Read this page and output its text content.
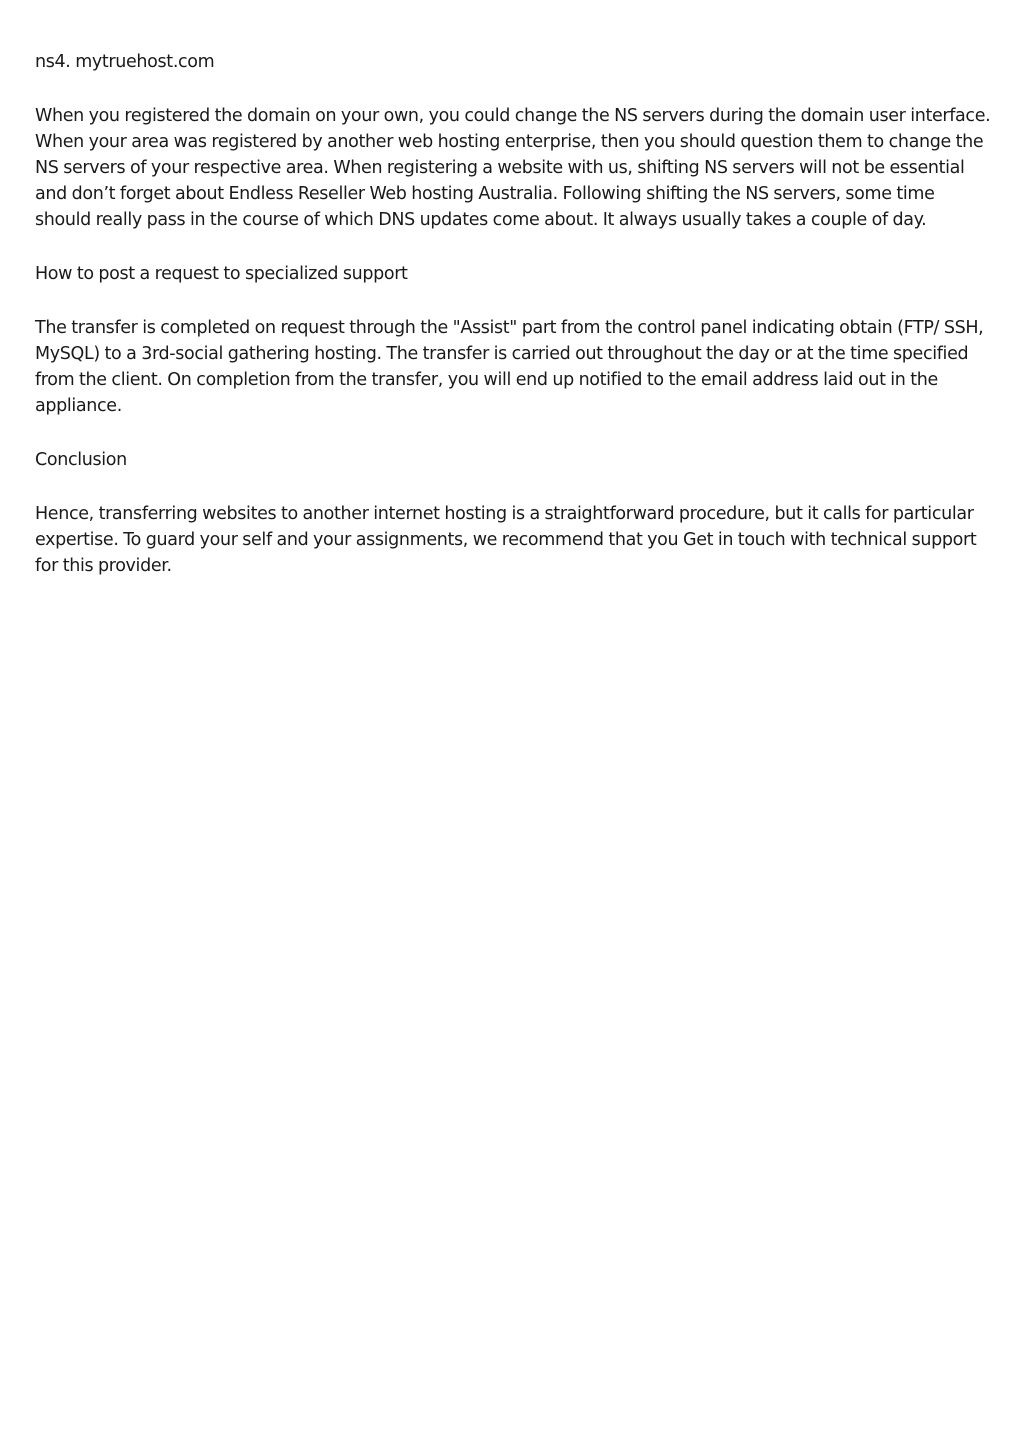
ns4. mytruehost.com

When you registered the domain on your own, you could change the NS servers during the domain user interface. When your area was registered by another web hosting enterprise, then you should question them to change the NS servers of your respective area. When registering a website with us, shifting NS servers will not be essential and don’t forget about Endless Reseller Web hosting Australia. Following shifting the NS servers, some time should really pass in the course of which DNS updates come about. It always usually takes a couple of day.

How to post a request to specialized support

The transfer is completed on request through the "Assist" part from the control panel indicating obtain (FTP/ SSH, MySQL) to a 3rd-social gathering hosting. The transfer is carried out throughout the day or at the time specified from the client. On completion from the transfer, you will end up notified to the email address laid out in the appliance.

Conclusion

Hence, transferring websites to another internet hosting is a straightforward procedure, but it calls for particular expertise. To guard your self and your assignments, we recommend that you Get in touch with technical support for this provider.
